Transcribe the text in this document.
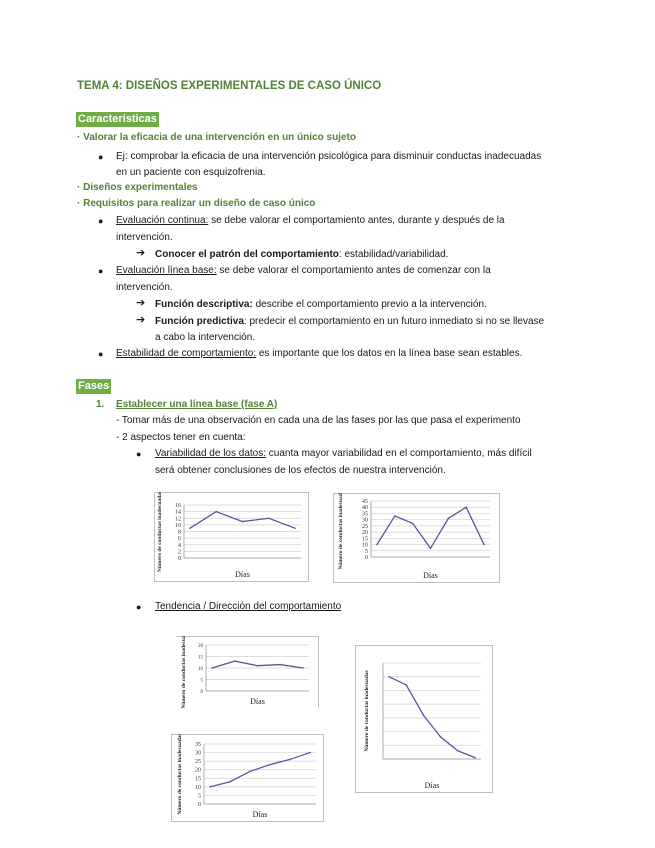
TEMA 4: DISEÑOS EXPERIMENTALES DE CASO ÚNICO
Características
· Valorar la eficacia de una intervención en un único sujeto
● Ej: comprobar la eficacia de una intervención psicológica para disminuir conductas inadecuadas
en un paciente con esquizofrenia.
· Diseños experimentales
· Requisitos para realizar un diseño de caso único
● Evaluación continua: se debe valorar el comportamiento antes, durante y después de la
intervención.
➔ Conocer el patrón del comportamiento: estabilidad/variabilidad.
● Evaluación línea base: se debe valorar el comportamiento antes de comenzar con la
intervención.
➔ Función descriptiva: describe el comportamiento previo a la intervención.
➔ Función predictiva: predecir el comportamiento en un futuro inmediato si no se llevase
a cabo la intervención.
● Estabilidad de comportamiento: es importante que los datos en la línea base sean estables.
Fases
1. Establecer una línea base (fase A)
- Tomar más de una observación en cada una de las fases por las que pasa el experimento
- 2 aspectos tener en cuenta:
● Variabilidad de los datos: cuanta mayor variabilidad en el comportamiento, más difícil
será obtener conclusiones de los efectos de nuestra intervención.
● Tendencia / Dirección del comportamiento
0
2
4
6
8
10
12
14
16
Días
Número de conductas inadecuadas	0
5
10
15
20
25
30
35
40
45
Días
Número de conductas inadecuadas
0
5
10
15
20
Días
Número de conductas inadecuadas
Días
Número de conductas inadecuadas
0
5
10
15
20
25
30
35
Días
Número de conductas inadecuadas
